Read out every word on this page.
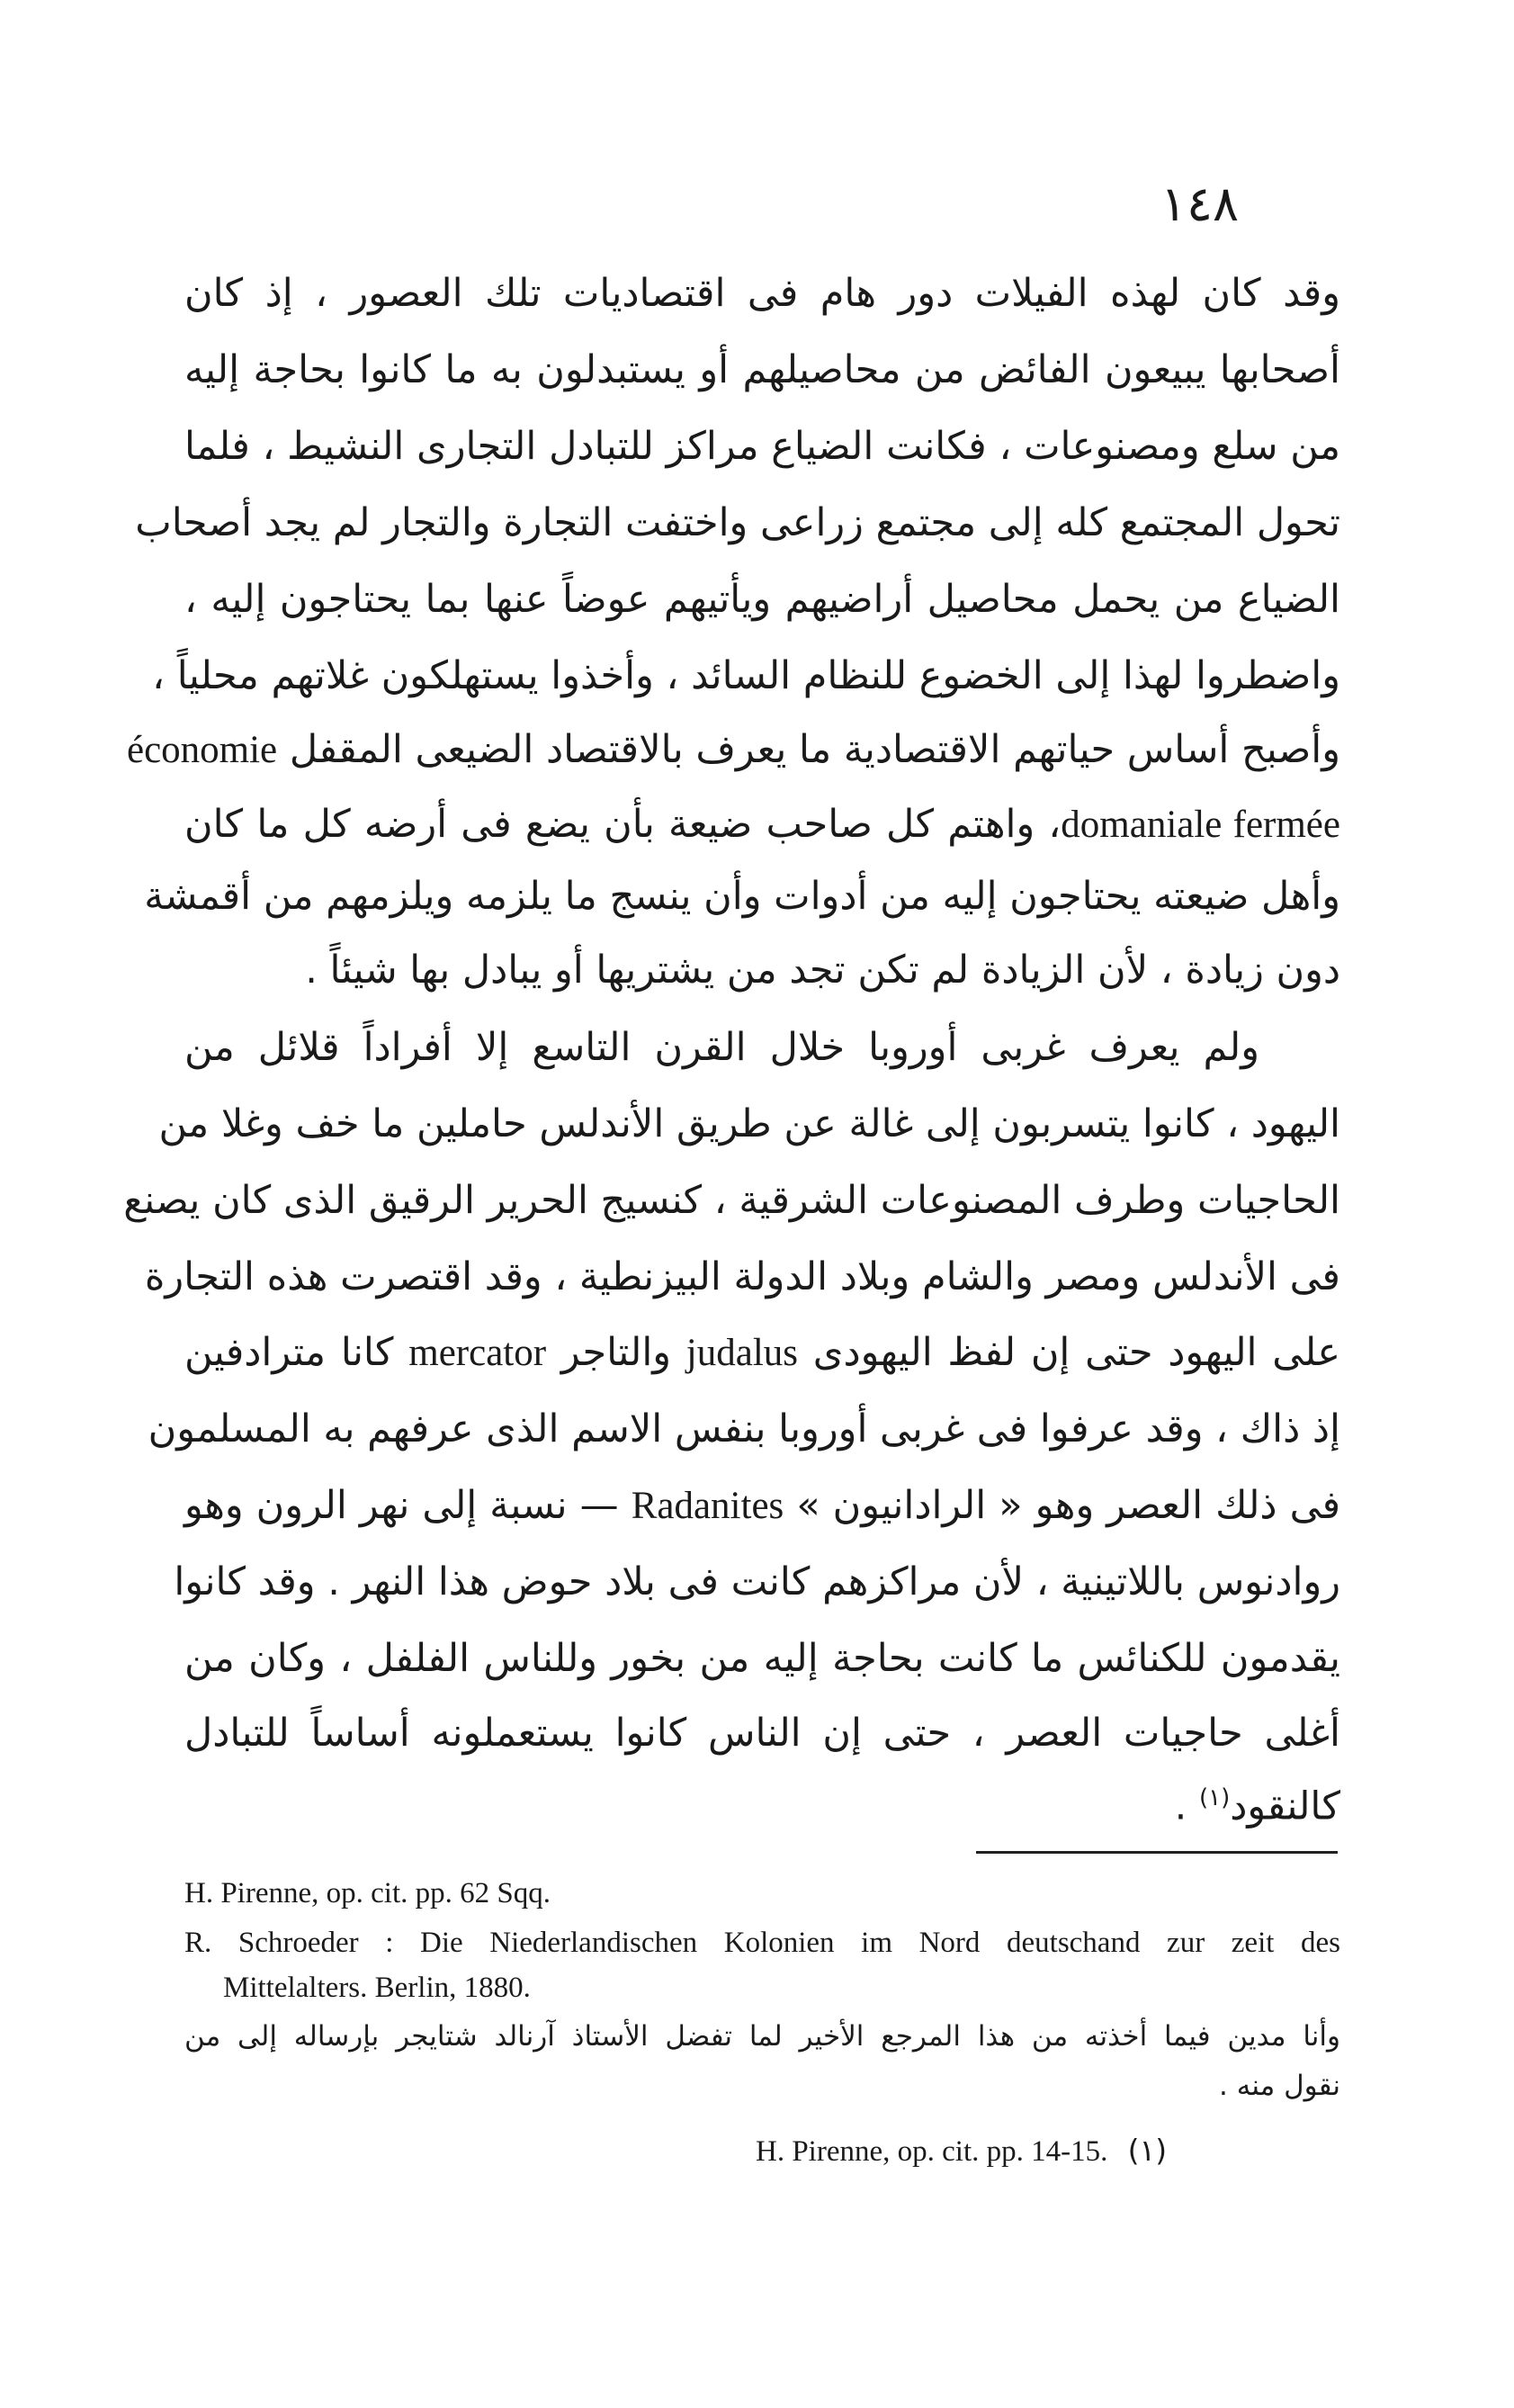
١٤٨
وقد كان لهذه الفيلات دور هام فى اقتصاديات تلك العصور ، إذ كان
أصحابها يبيعون الفائض من محاصيلهم أو يستبدلون به ما كانوا بحاجة إليه
من سلع ومصنوعات ، فكانت الضياع مراكز للتبادل التجارى النشيط ، فلما
تحول المجتمع كله إلى مجتمع زراعى واختفت التجارة والتجار لم يجد أصحاب
الضياع من يحمل محاصيل أراضيهم ويأتيهم عوضاً عنها بما يحتاجون إليه ،
واضطروا لهذا إلى الخضوع للنظام السائد ، وأخذوا يستهلكون غلاتهم محلياً ،
وأصبح أساس حياتهم الاقتصادية ما يعرف بالاقتصاد الضيعى المقفل économie
domaniale fermée، واهتم كل صاحب ضيعة بأن يضع فى أرضه كل ما كان
وأهل ضيعته يحتاجون إليه من أدوات وأن ينسج ما يلزمه ويلزمهم من أقمشة
دون زيادة ، لأن الزيادة لم تكن تجد من يشتريها أو يبادل بها شيئاً .
ولم يعرف غربى أوروبا خلال القرن التاسع إلا أفراداً قلائل من
اليهود ، كانوا يتسربون إلى غالة عن طريق الأندلس حاملين ما خف وغلا من
الحاجيات وطرف المصنوعات الشرقية ، كنسيج الحرير الرقيق الذى كان يصنع
فى الأندلس ومصر والشام وبلاد الدولة البيزنطية ، وقد اقتصرت هذه التجارة
على اليهود حتى إن لفظ اليهودى judalus والتاجر mercator كانا مترادفين
إذ ذاك ، وقد عرفوا فى غربى أوروبا بنفس الاسم الذى عرفهم به المسلمون
فى ذلك العصر وهو « الرادانيون » Radanites — نسبة إلى نهر الرون وهو
روادنوس باللاتينية ، لأن مراكزهم كانت فى بلاد حوض هذا النهر . وقد كانوا
يقدمون للكنائس ما كانت بحاجة إليه من بخور وللناس الفلفل ، وكان من
أغلى حاجيات العصر ، حتى إن الناس كانوا يستعملونه أساساً للتبادل
كالنقود$^{(١)}$ .
H. Pirenne, op. cit. pp. 62 Sqq.
R. Schroeder : Die Niederlandischen Kolonien im Nord deutschand zur zeit des
Mittelalters. Berlin, 1880.
وأنا مدين فيما أخذته من هذا المرجع الأخير لما تفضل الأستاذ آرنالد شتايجر بإرساله إلى من
نقول منه .
H. Pirenne, op. cit. pp. 14-15. (١)
